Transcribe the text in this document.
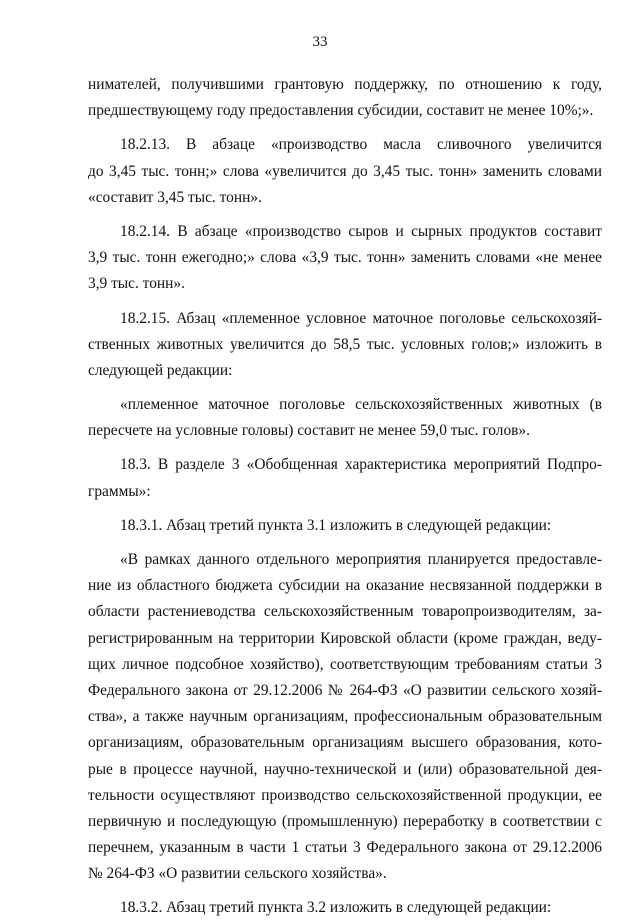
33
нимателей, получившими грантовую поддержку, по отношению к году,
предшествующему году предоставления субсидии, составит не менее 10%;».
18.2.13. В абзаце «производство масла сливочного увеличится
до 3,45 тыс. тонн;» слова «увеличится до 3,45 тыс. тонн» заменить словами
«составит 3,45 тыс. тонн».
18.2.14. В абзаце «производство сыров и сырных продуктов составит
3,9 тыс. тонн ежегодно;» слова «3,9 тыс. тонн» заменить словами «не менее
3,9 тыс. тонн».
18.2.15. Абзац «племенное условное маточное поголовье сельскохозяй-
ственных животных увеличится до 58,5 тыс. условных голов;» изложить в
следующей редакции:
«племенное маточное поголовье сельскохозяйственных животных (в
пересчете на условные головы) составит не менее 59,0 тыс. голов».
18.3. В разделе 3 «Обобщенная характеристика мероприятий Подпро-
граммы»:
18.3.1. Абзац третий пункта 3.1 изложить в следующей редакции:
«В рамках данного отдельного мероприятия планируется предоставле-
ние из областного бюджета субсидии на оказание несвязанной поддержки в
области растениеводства сельскохозяйственным товаропроизводителям, за-
регистрированным на территории Кировской области (кроме граждан, веду-
щих личное подсобное хозяйство), соответствующим требованиям статьи 3
Федерального закона от 29.12.2006 № 264-ФЗ «О развитии сельского хозяй-
ства», а также научным организациям, профессиональным образовательным
организациям, образовательным организациям высшего образования, кото-
рые в процессе научной, научно-технической и (или) образовательной дея-
тельности осуществляют производство сельскохозяйственной продукции, ее
первичную и последующую (промышленную) переработку в соответствии с
перечнем, указанным в части 1 статьи 3 Федерального закона от 29.12.2006
№ 264-ФЗ «О развитии сельского хозяйства».
18.3.2. Абзац третий пункта 3.2 изложить в следующей редакции:
